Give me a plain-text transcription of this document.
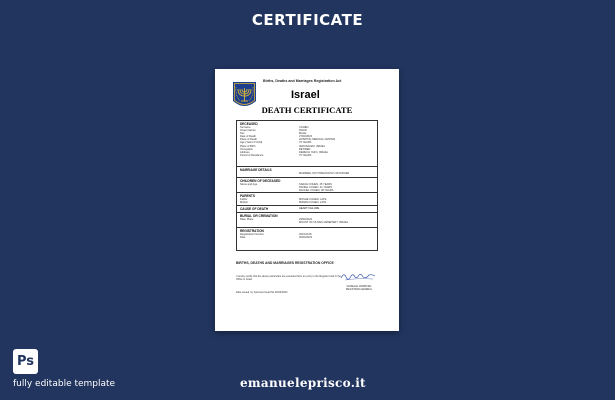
CERTIFICATE
Births, Deaths and Marriages Registration Act
Israel
DEATH CERTIFICATE
DECEASED
Surname	COHEN
Given Names	DAVID
Sex	MALE
Date of Death	27/03/2023
Place of Death	HOSPITAL MEDICAL CENTER
Age (Years if Child)	70 YEARS
Place of Birth	JERUSALEM, ISRAEL
Occupation	RETIRED
Address	DERECH YAFO, ISRAEL
Period of Residence	70 YEARS
MARRIAGE DETAILS
MARRIED, NOT PREVIOUSLY DIVORCED
CHILDREN OF DECEASED
Name and Age	SARAH COHEN, 45 YEARS
DANIEL COHEN, 41 YEARS
RACHEL COHEN, 38 YEARS
PARENTS
Father	MOSHE COHEN, LATE
Mother	MIRIAM COHEN, LATE
CAUSE OF DEATH	HEART FAILURE
BURIAL OR CREMATION
Date, Place	29/03/2023
MOUNT OF OLIVES CEMETERY, ISRAEL
REGISTRATION
Registration Number	2023-0128
Date	30/03/2023
BIRTHS, DEATHS AND MARRIAGES REGISTRATION OFFICE
I hereby certify that the above particulars are extracted from an entry in the Register held in the Office in Israel.
DANIELLE GINZBURG
REGISTRAR-GENERAL
Date issued, by hand and seal this 30/03/2023
Ps
fully editable template	emanueleprisco.it
